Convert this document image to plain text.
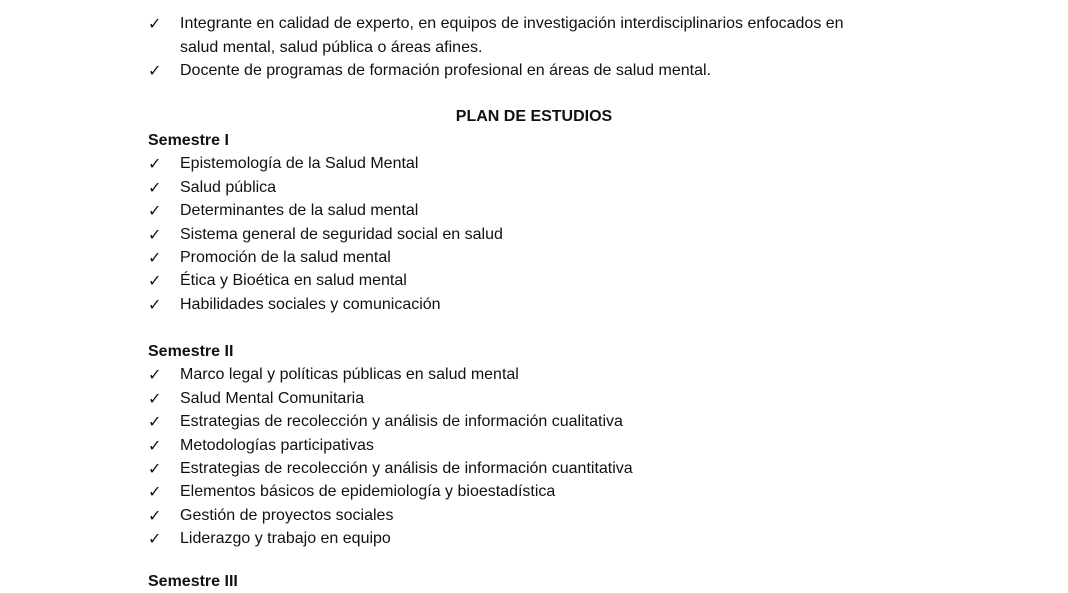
✓ Integrante en calidad de experto, en equipos de investigación interdisciplinarios enfocados en
salud mental, salud pública o áreas afines.
✓ Docente de programas de formación profesional en áreas de salud mental.
PLAN DE ESTUDIOS
Semestre I
✓ Epistemología de la Salud Mental
✓ Salud pública
✓ Determinantes de la salud mental
✓ Sistema general de seguridad social en salud
✓ Promoción de la salud mental
✓ Ética y Bioética en salud mental
✓ Habilidades sociales y comunicación
Semestre II
✓ Marco legal y políticas públicas en salud mental
✓ Salud Mental Comunitaria
✓ Estrategias de recolección y análisis de información cualitativa
✓ Metodologías participativas
✓ Estrategias de recolección y análisis de información cuantitativa
✓ Elementos básicos de epidemiología y bioestadística
✓ Gestión de proyectos sociales
✓ Liderazgo y trabajo en equipo
Semestre III
